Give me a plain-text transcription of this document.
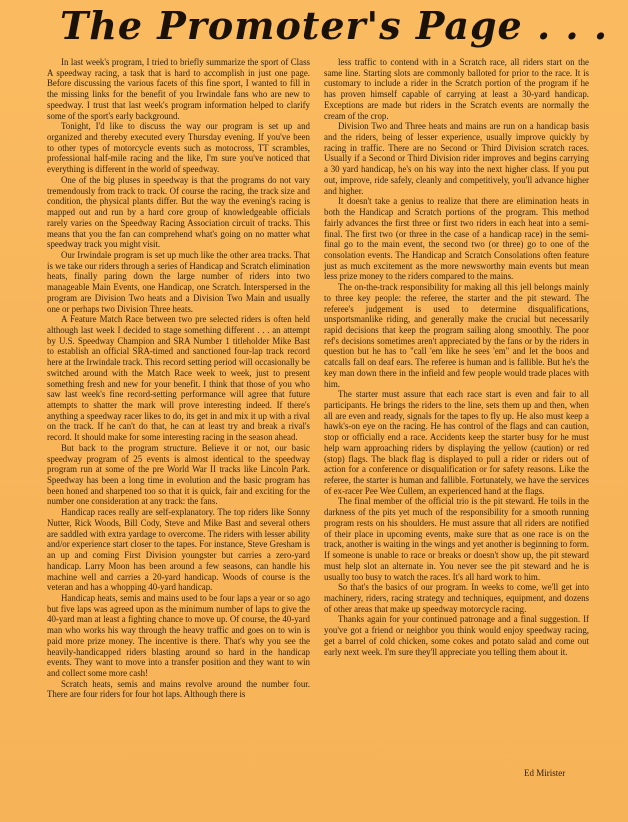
The Promoter's Page . . .

In last week's program, I tried to briefly summarize the sport of Class A speedway racing, a task that is hard to accomplish in just one page. Before discussing the various facets of this fine sport, I wanted to fill in the missing links for the benefit of you Irwindale fans who are new to speedway. I trust that last week's program information helped to clarify some of the sport's early background.

Tonight, I'd like to discuss the way our program is set up and organized and thereby executed every Thursday evening. If you've been to other types of motorcycle events such as motocross, TT scrambles, professional half-mile racing and the like, I'm sure you've noticed that everything is different in the world of speedway.

One of the big pluses in speedway is that the programs do not vary tremendously from track to track. Of course the racing, the track size and condition, the physical plants differ. But the way the evening's racing is mapped out and run by a hard core group of knowledgeable officials rarely varies on the Speedway Racing Association circuit of tracks. This means that you the fan can comprehend what's going on no matter what speedway track you might visit.

Our Irwindale program is set up much like the other area tracks. That is we take our riders through a series of Handicap and Scratch elimination heats, finally paring down the large number of riders into two manageable Main Events, one Handicap, one Scratch. Interspersed in the program are Division Two heats and a Division Two Main and usually one or perhaps two Division Three heats.

A Feature Match Race between two pre selected riders is often held although last week I decided to stage something different . . . an attempt by U.S. Speedway Champion and SRA Number 1 titleholder Mike Bast to establish an official SRA-timed and sanctioned four-lap track record here at the Irwindale track. This record setting period will occasionally be switched around with the Match Race week to week, just to present something fresh and new for your benefit. I think that those of you who saw last week's fine record-setting performance will agree that future attempts to shatter the mark will prove interesting indeed. If there's anything a speedway racer likes to do, its get in and mix it up with a rival on the track. If he can't do that, he can at least try and break a rival's record. It should make for some interesting racing in the season ahead.

But back to the program structure. Believe it or not, our basic speedway program of 25 events is almost identical to the speedway program run at some of the pre World War II tracks like Lincoln Park. Speedway has been a long time in evolution and the basic program has been honed and sharpened too so that it is quick, fair and exciting for the number one consideration at any track: the fans.

Handicap races really are self-explanatory. The top riders like Sonny Nutter, Rick Woods, Bill Cody, Steve and Mike Bast and several others are saddled with extra yardage to overcome. The riders with lesser ability and/or experience start closer to the tapes. For instance, Steve Gresham is an up and coming First Division youngster but carries a zero-yard handicap. Larry Moon has been around a few seasons, can handle his machine well and carries a 20-yard handicap. Woods of course is the veteran and has a whopping 40-yard handicap.

Handicap heats, semis and mains used to be four laps a year or so ago but five laps was agreed upon as the minimum number of laps to give the 40-yard man at least a fighting chance to move up. Of course, the 40-yard man who works his way through the heavy traffic and goes on to win is paid more prize money. The incentive is there. That's why you see the heavily-handicapped riders blasting around so hard in the handicap events. They want to move into a transfer position and they want to win and collect some more cash!

Scratch heats, semis and mains revolve around the number four. There are four riders for four hot laps. Although there is

less traffic to contend with in a Scratch race, all riders start on the same line. Starting slots are commonly balloted for prior to the race. It is customary to include a rider in the Scratch portion of the program if he has proven himself capable of carrying at least a 30-yard handicap. Exceptions are made but riders in the Scratch events are normally the cream of the crop.

Division Two and Three heats and mains are run on a handicap basis and the riders, being of lesser experience, usually improve quickly by racing in traffic. There are no Second or Third Division scratch races. Usually if a Second or Third Division rider improves and begins carrying a 30 yard handicap, he's on his way into the next higher class. If you put out, improve, ride safely, cleanly and competitively, you'll advance higher and higher.

It doesn't take a genius to realize that there are elimination heats in both the Handicap and Scratch portions of the program. This method fairly advances the first three or first two riders in each heat into a semi-final. The first two (or three in the case of a handicap race) in the semi-final go to the main event, the second two (or three) go to one of the consolation events. The Handicap and Scratch Consolations often feature just as much excitement as the more newsworthy main events but mean less prize money to the riders compared to the mains.

The on-the-track responsibility for making all this jell belongs mainly to three key people: the referee, the starter and the pit steward. The referee's judgement is used to determine disqualifications, unsportsmanlike riding, and generally make the crucial but necessarily rapid decisions that keep the program sailing along smoothly. The poor ref's decisions sometimes aren't appreciated by the fans or by the riders in question but he has to "call 'em like he sees 'em" and let the boos and catcalls fall on deaf ears. The referee is human and is fallible. But he's the key man down there in the infield and few people would trade places with him.

The starter must assure that each race start is even and fair to all participants. He brings the riders to the line, sets them up and then, when all are even and ready, signals for the tapes to fly up. He also must keep a hawk's-on eye on the racing. He has control of the flags and can caution, stop or officially end a race. Accidents keep the starter busy for he must help warn approaching riders by displaying the yellow (caution) or red (stop) flags. The black flag is displayed to pull a rider or riders out of action for a conference or disqualification or for safety reasons. Like the referee, the starter is human and fallible. Fortunately, we have the services of ex-racer Pee Wee Cullem, an experienced hand at the flags.

The final member of the official trio is the pit steward. He toils in the darkness of the pits yet much of the responsibility for a smooth running program rests on his shoulders. He must assure that all riders are notified of their place in upcoming events, make sure that as one race is on the track, another is waiting in the wings and yet another is beginning to form. If someone is unable to race or breaks or doesn't show up, the pit steward must help slot an alternate in. You never see the pit steward and he is usually too busy to watch the races. It's all hard work to him.

So that's the basics of our program. In weeks to come, we'll get into machinery, riders, racing strategy and techniques, equipment, and dozens of other areas that make up speedway motorcycle racing.

Thanks again for your continued patronage and a final suggestion. If you've got a friend or neighbor you think would enjoy speedway racing, get a barrel of cold chicken, some cokes and potato salad and come out early next week. I'm sure they'll appreciate you telling them about it.

Ed Mirister
